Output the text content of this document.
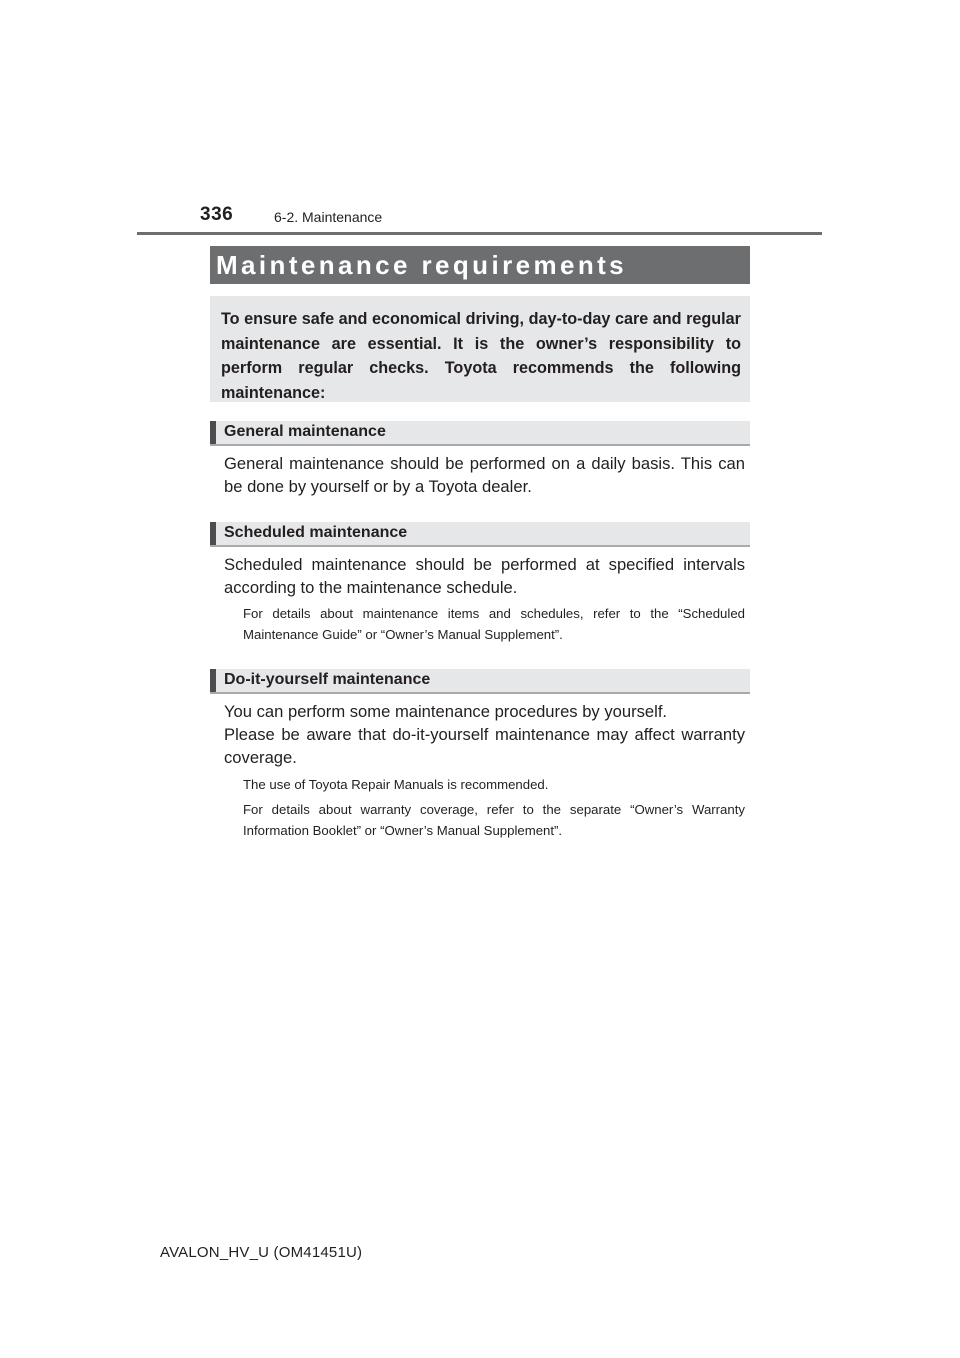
336	6-2. Maintenance
Maintenance requirements

To ensure safe and economical driving, day-to-day care and regular maintenance are essential. It is the owner’s responsibility to perform regular checks. Toyota recommends the following maintenance:

General maintenance

General maintenance should be performed on a daily basis. This can be done by yourself or by a Toyota dealer.

Scheduled maintenance

Scheduled maintenance should be performed at specified intervals according to the maintenance schedule.

For details about maintenance items and schedules, refer to the “Scheduled Maintenance Guide” or “Owner’s Manual Supplement”.

Do-it-yourself maintenance

You can perform some maintenance procedures by yourself.

Please be aware that do-it-yourself maintenance may affect warranty coverage.

The use of Toyota Repair Manuals is recommended.

For details about warranty coverage, refer to the separate “Owner’s Warranty Information Booklet” or “Owner’s Manual Supplement”.

AVALON_HV_U (OM41451U)
